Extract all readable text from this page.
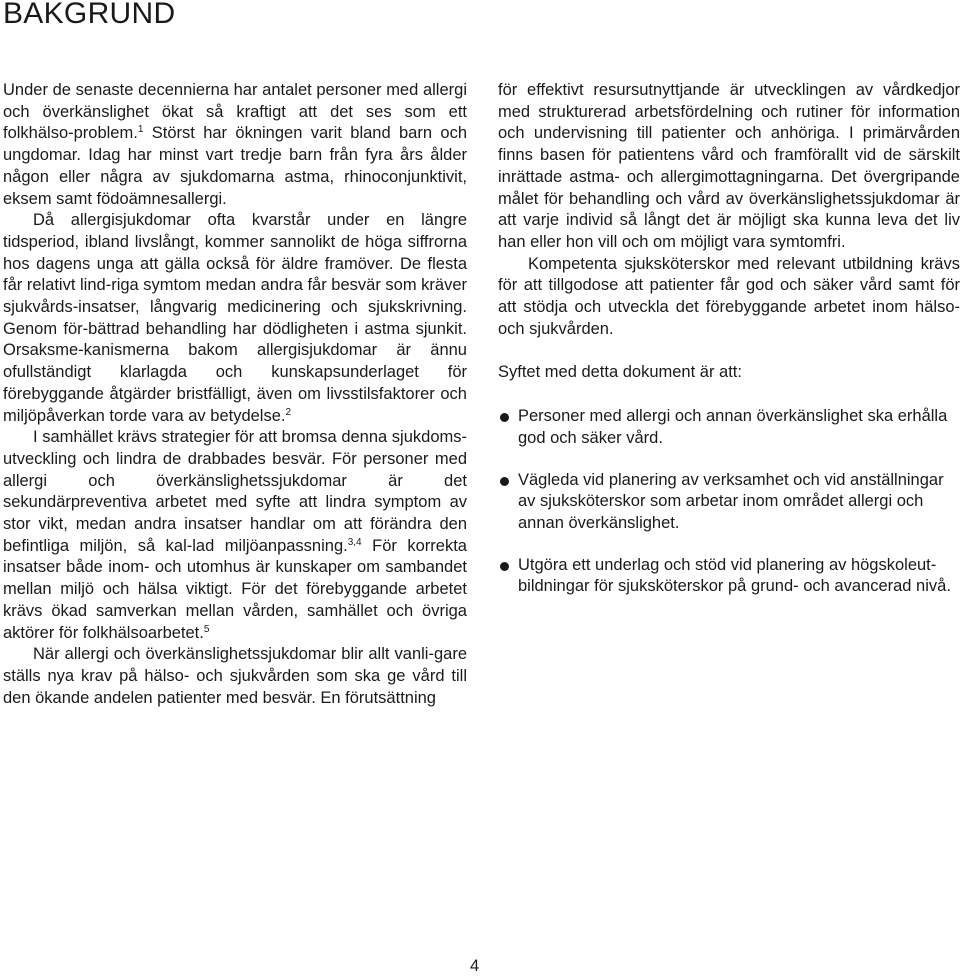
BAKGRUND

Under de senaste decennierna har antalet personer med allergi och överkänslighet ökat så kraftigt att det ses som ett folkhälso-problem.$^1$ Störst har ökningen varit bland barn och ungdomar. Idag har minst vart tredje barn från fyra års ålder någon eller några av sjukdomarna astma, rhinoconjunktivit, eksem samt födoämnesallergi.

Då allergisjukdomar ofta kvarstår under en längre tidsperiod, ibland livslångt, kommer sannolikt de höga siffrorna hos dagens unga att gälla också för äldre framöver. De flesta får relativt lind-riga symtom medan andra får besvär som kräver sjukvårds-insatser, långvarig medicinering och sjukskrivning. Genom för-bättrad behandling har dödligheten i astma sjunkit. Orsaksme-kanismerna bakom allergisjukdomar är ännu ofullständigt klarlagda och kunskapsunderlaget för förebyggande åtgärder bristfälligt, även om livsstilsfaktorer och miljöpåverkan torde vara av betydelse.$^2$

I samhället krävs strategier för att bromsa denna sjukdoms-utveckling och lindra de drabbades besvär. För personer med allergi och överkänslighetssjukdomar är det sekundärpreventiva arbetet med syfte att lindra symptom av stor vikt, medan andra insatser handlar om att förändra den befintliga miljön, så kal-lad miljöanpassning.$^{3,4}$ För korrekta insatser både inom- och utomhus är kunskaper om sambandet mellan miljö och hälsa viktigt. För det förebyggande arbetet krävs ökad samverkan mellan vården, samhället och övriga aktörer för folkhälsoarbetet.$^5$

När allergi och överkänslighetssjukdomar blir allt vanli-gare ställs nya krav på hälso- och sjukvården som ska ge vård till den ökande andelen patienter med besvär. En förutsättning

för effektivt resursutnyttjande är utvecklingen av vårdkedjor med strukturerad arbetsfördelning och rutiner för information och undervisning till patienter och anhöriga. I primärvården finns basen för patientens vård och framförallt vid de särskilt inrättade astma- och allergimottagningarna. Det övergripande målet för behandling och vård av överkänslighetssjukdomar är att varje individ så långt det är möjligt ska kunna leva det liv han eller hon vill och om möjligt vara symtomfri.

Kompetenta sjuksköterskor med relevant utbildning krävs för att tillgodose att patienter får god och säker vård samt för att stödja och utveckla det förebyggande arbetet inom hälso- och sjukvården.

Syftet med detta dokument är att:

Personer med allergi och annan överkänslighet ska erhålla god och säker vård.
Vägleda vid planering av verksamhet och vid anställningar av sjuksköterskor som arbetar inom området allergi och annan överkänslighet.
Utgöra ett underlag och stöd vid planering av högskoleut-bildningar för sjuksköterskor på grund- och avancerad nivå.
4
